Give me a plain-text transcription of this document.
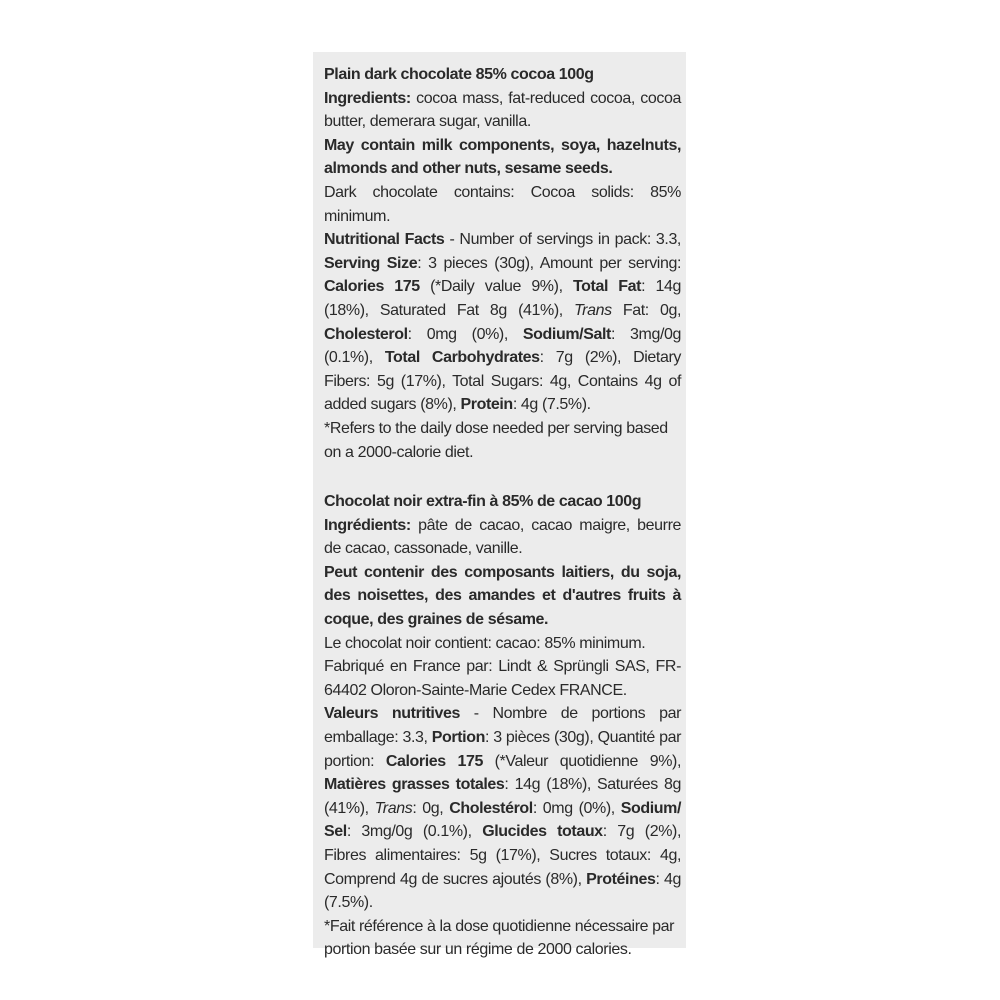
Plain dark chocolate 85% cocoa 100g

Ingredients: cocoa mass, fat-reduced cocoa, cocoa butter, demerara sugar, vanilla.

May contain milk components, soya, hazelnuts, almonds and other nuts, sesame seeds.

Dark chocolate contains: Cocoa solids: 85% minimum.

Nutritional Facts - Number of servings in pack: 3.3, Serving Size: 3 pieces (30g), Amount per serving: Calories 175 (*Daily value 9%), Total Fat: 14g (18%), Saturated Fat 8g (41%), Trans Fat: 0g, Cholesterol: 0mg (0%), Sodium/Salt: 3mg/0g (0.1%), Total Carbohydrates: 7g (2%), Dietary Fibers: 5g (17%), Total Sugars: 4g, Contains 4g of added sugars (8%), Protein: 4g (7.5%).

*Refers to the daily dose needed per serving based on a 2000-calorie diet.

Chocolat noir extra-fin à 85% de cacao 100g

Ingrédients: pâte de cacao, cacao maigre, beurre de cacao, cassonade, vanille.

Peut contenir des composants laitiers, du soja, des noisettes, des amandes et d'autres fruits à coque, des graines de sésame.

Le chocolat noir contient: cacao: 85% minimum.

Fabriqué en France par: Lindt & Sprüngli SAS, FR-64402 Oloron-Sainte-Marie Cedex FRANCE.

Valeurs nutritives - Nombre de portions par emballage: 3.3, Portion: 3 pièces (30g), Quantité par portion: Calories 175 (*Valeur quotidienne 9%), Matières grasses totales: 14g (18%), Saturées 8g (41%), Trans: 0g, Cholestérol: 0mg (0%), Sodium/ Sel: 3mg/0g (0.1%), Glucides totaux: 7g (2%), Fibres alimentaires: 5g (17%), Sucres totaux: 4g, Comprend 4g de sucres ajoutés (8%), Protéines: 4g (7.5%).

*Fait référence à la dose quotidienne nécessaire par portion basée sur un régime de 2000 calories.
